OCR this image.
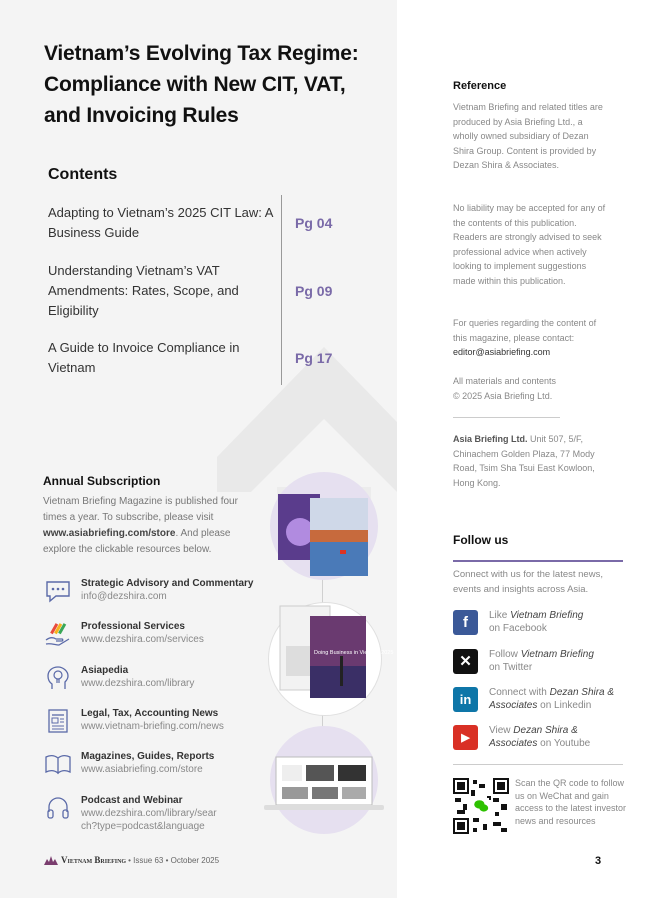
Vietnam’s Evolving Tax Regime: Compliance with New CIT, VAT, and Invoicing Rules
Contents
Adapting to Vietnam’s 2025 CIT Law: A Business Guide
Pg 04
Understanding Vietnam’s VAT Amendments: Rates, Scope, and Eligibility
Pg 09
A Guide to Invoice Compliance in Vietnam
Pg 17
Annual Subscription
Vietnam Briefing Magazine is published four times a year. To subscribe, please visit www.asiabriefing.com/store. And please explore the clickable resources below.
Strategic Advisory and Commentary
info@dezshira.com
Professional Services
www.dezshira.com/services
Asiapedia
www.dezshira.com/library
Legal, Tax, Accounting News
www.vietnam-briefing.com/news
Magazines, Guides, Reports
www.asiabriefing.com/store
Podcast and Webinar
www.dezshira.com/library/search?type=podcast&language
Doing Business in Vietnam 2025
Vietnam Briefing • Issue 63 • October 2025
Reference
Vietnam Briefing and related titles are produced by Asia Briefing Ltd., a wholly owned subsidiary of Dezan Shira Group. Content is provided by Dezan Shira & Associates.
No liability may be accepted for any of the contents of this publication. Readers are strongly advised to seek professional advice when actively looking to implement suggestions made within this publication.
For queries regarding the content of this magazine, please contact:
editor@asiabriefing.com
All materials and contents
© 2025 Asia Briefing Ltd.
Asia Briefing Ltd. Unit 507, 5/F, Chinachem Golden Plaza, 77 Mody Road, Tsim Sha Tsui East Kowloon, Hong Kong.
Follow us
Connect with us for the latest news, events and insights across Asia.
f	Like Vietnam Briefing
on Facebook
✕	Follow Vietnam Briefing
on Twitter
in	Connect with Dezan Shira & Associates on Linkedin
▶
View Dezan Shira & Associates on Youtube
Scan the QR code to follow us on WeChat and gain access to the latest investor news and resources
3
